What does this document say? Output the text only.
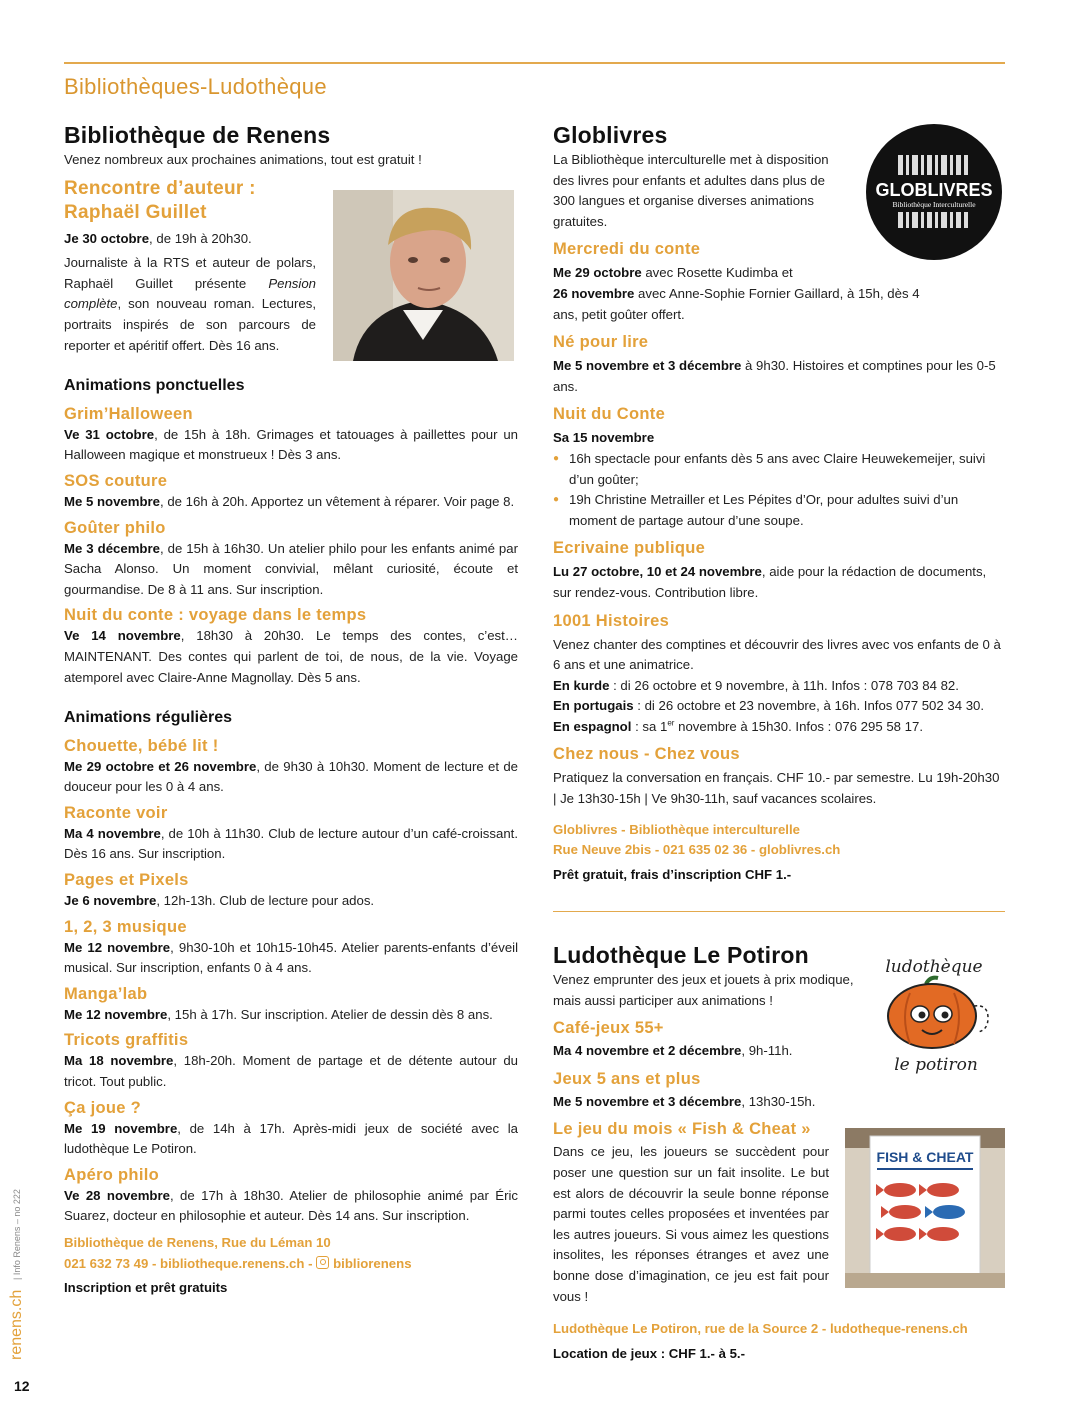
Bibliothèques-Ludothèque
Bibliothèque de Renens

Venez nombreux aux prochaines animations, tout est gratuit !

Rencontre d’auteur :
Raphaël Guillet

Je 30 octobre, de 19h à 20h30.

Journaliste à la RTS et auteur de polars, Raphaël Guillet présente Pension complète, son nouveau roman. Lectures, portraits inspirés de son parcours de reporter et apéritif offert. Dès 16 ans.

Animations ponctuelles
Grim’Halloween

Ve 31 octobre, de 15h à 18h. Grimages et tatouages à paillettes pour un Halloween magique et monstrueux ! Dès 3 ans.

SOS couture

Me 5 novembre, de 16h à 20h. Apportez un vêtement à réparer. Voir page 8.

Goûter philo

Me 3 décembre, de 15h à 16h30. Un atelier philo pour les enfants animé par Sacha Alonso. Un moment convivial, mêlant curiosité, écoute et gourmandise. De 8 à 11 ans. Sur inscription.

Nuit du conte : voyage dans le temps

Ve 14 novembre, 18h30 à 20h30. Le temps des contes, c’est… MAINTENANT. Des contes qui parlent de toi, de nous, de la vie. Voyage atemporel avec Claire-Anne Magnollay. Dès 5 ans.

Animations régulières
Chouette, bébé lit !

Me 29 octobre et 26 novembre, de 9h30 à 10h30. Moment de lecture et de douceur pour les 0 à 4 ans.

Raconte voir

Ma 4 novembre, de 10h à 11h30. Club de lecture autour d’un café-croissant. Dès 16 ans. Sur inscription.

Pages et Pixels

Je 6 novembre, 12h-13h. Club de lecture pour ados.

1, 2, 3 musique

Me 12 novembre, 9h30-10h et 10h15-10h45. Atelier parents-enfants d’éveil musical. Sur inscription, enfants 0 à 4 ans.

Manga’lab

Me 12 novembre, 15h à 17h. Sur inscription. Atelier de dessin dès 8 ans.

Tricots graffitis

Ma 18 novembre, 18h-20h. Moment de partage et de détente autour du tricot. Tout public.

Ça joue ?

Me 19 novembre, de 14h à 17h. Après-midi jeux de société avec la ludothèque Le Potiron.

Apéro philo

Ve 28 novembre, de 17h à 18h30. Atelier de philosophie animé par Éric Suarez, docteur en philosophie et auteur. Dès 14 ans. Sur inscription.

Bibliothèque de Renens, Rue du Léman 10

021 632 73 49 - bibliotheque.renens.ch -
bibliorenens

Inscription et prêt gratuits

Globlivres

La Bibliothèque interculturelle met à disposition des livres pour enfants et adultes dans plus de 300 langues et organise diverses animations gratuites.

Mercredi du conte

Me 29 octobre avec Rosette Kudimba et
26 novembre avec Anne-Sophie Fornier Gaillard, à 15h, dès 4 ans, petit goûter offert.

Né pour lire

Me 5 novembre et 3 décembre à 9h30. Histoires et comptines pour les 0-5 ans.

Nuit du Conte

Sa 15 novembre

● 16h spectacle pour enfants dès 5 ans avec Claire Heuwekemeijer, suivi d’un goûter;
● 19h Christine Metrailler et Les Pépites d’Or, pour adultes suivi d’un moment de partage autour d’une soupe.
Ecrivaine publique

Lu 27 octobre, 10 et 24 novembre, aide pour la rédaction de documents, sur rendez-vous. Contribution libre.

1001 Histoires

Venez chanter des comptines et découvrir des livres avec vos enfants de 0 à 6 ans et une animatrice.

En kurde : di 26 octobre et 9 novembre, à 11h. Infos : 078 703 84 82.

En portugais : di 26 octobre et 23 novembre, à 16h. Infos 077 502 34 30.

En espagnol : sa 1er novembre à 15h30. Infos : 076 295 58 17.

Chez nous - Chez vous

Pratiquez la conversation en français. CHF 10.- par semestre. Lu 19h-20h30 | Je 13h30-15h | Ve 9h30-11h, sauf vacances scolaires.

Globlivres - Bibliothèque interculturelle

Rue Neuve 2bis - 021 635 02 36 - globlivres.ch

Prêt gratuit, frais d’inscription CHF 1.-

GLOBLIVRES
Bibliothèque Interculturelle
Ludothèque Le Potiron

Venez emprunter des jeux et jouets à prix modique, mais aussi participer aux animations !

Café-jeux 55+

Ma 4 novembre et 2 décembre, 9h-11h.

Jeux 5 ans et plus

Me 5 novembre et 3 décembre, 13h30-15h.

Le jeu du mois « Fish & Cheat »

Dans ce jeu, les joueurs se succèdent pour poser une question sur un fait insolite. Le but est alors de découvrir la seule bonne réponse parmi toutes celles proposées et inventées par les autres joueurs. Si vous aimez les questions insolites, les réponses étranges et avez une bonne dose d’imagination, ce jeu est fait pour vous !

Ludothèque Le Potiron, rue de la Source 2 - ludotheque-renens.ch

Location de jeux : CHF 1.- à 5.-

ludothèque
le potiron
FISH & CHEAT
renens.ch
| Info Renens – no 222
12
